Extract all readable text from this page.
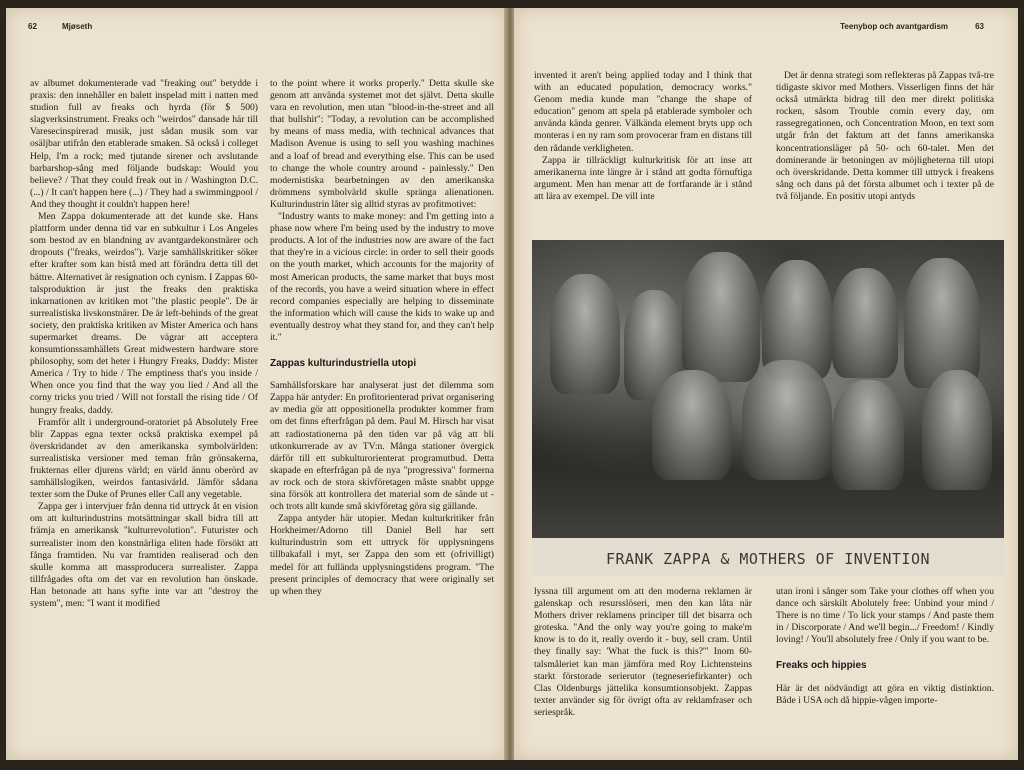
62	Mjøseth

av albumet dokumenterade vad "freaking out" betydde i praxis: den innehåller en balett inspelad mitt i natten med studion full av freaks och hyrda (för $ 500) slagverksinstrument. Freaks och "weirdos" dansade här till Varesecinspirerad musik, just sådan musik som var osäljbar utifrån den etablerade smaken. Så också i colleget Help, I'm a rock; med tjutande sirener och avslutande barbarshop-sång med följande budskap: Would you believe? / That they could freak out in / Washington D.C. (...) / It can't happen here (...) / They had a swimmingpool / And they thought it couldn't happen here!

Men Zappa dokumenterade att det kunde ske. Hans plattform under denna tid var en subkultur i Los Angeles som bestod av en blandning av avantgardekonstnärer och dropouts ("freaks, weirdos"). Varje samhällskritiker söker efter krafter som kan bistå med att förändra detta till det bättre. Alternativet är resignation och cynism. I Zappas 60-talsproduktion är just the freaks den praktiska inkarnationen av kritiken mot "the plastic people". De är surrealistiska livskonstnärer. De är left-behinds of the great society, den praktiska kritiken av Mister America och hans supermarket dreams. De vägrar att acceptera konsumtionssamhällets Great midwestern hardware store philosophy, som det heter i Hungry Freaks, Daddy: Mister America / Try to hide / The emptiness that's you inside / When once you find that the way you lied / And all the corny tricks you tried / Will not forstall the rising tide / Of hungry freaks, daddy.

Framför allt i underground-oratoriet på Absolutely Free blir Zappas egna texter också praktiska exempel på överskridandet av den amerikanska symbolvärlden: surrealistiska versioner med teman från grönsakerna, frukternas eller djurens värld; en värld ännu oberörd av samhällslogiken, weirdos fantasivärld. Jämför sådana texter som the Duke of Prunes eller Call any vegetable.

Zappa ger i intervjuer från denna tid uttryck åt en vision om att kulturindustrins motsättningar skall bidra till att främja en amerikansk "kulturrevolution". Futurister och surrealister inom den konstnärliga eliten hade försökt att fånga framtiden. Nu var framtiden realiserad och den skulle komma att massproducera surrealister. Zappa tillfrågades ofta om det var en revolution han önskade. Han betonade att hans syfte inte var att "destroy the system", men: "I want it modified

to the point where it works properly." Detta skulle ske genom att använda systemet mot det självt. Detta skulle vara en revolution, men utan "blood-in-the-street and all that bullshit": "Today, a revolution can be accomplished by means of mass media, with technical advances that Madison Avenue is using to sell you washing machines and a loaf of bread and everything else. This can be used to change the whole country around - painlessly." Den modernistiska bearbetningen av den amerikanska drömmens symbolvärld skulle spränga alienationen. Kulturindustrin låter sig alltid styras av profitmotivet:

"Industry wants to make money: and I'm getting into a phase now where I'm being used by the industry to move products. A lot of the industries now are aware of the fact that they're in a vicious circle: in order to sell their goods on the youth market, which accounts for the majority of most American products, the same market that buys most of the records, you have a weird situation where in effect record companies especially are helping to disseminate the information which will cause the kids to wake up and eventually destroy what they stand for, and they can't help it."

Zappas kulturindustriella utopi

Samhällsforskare har analyserat just det dilemma som Zappa här antyder: En profitorienterad privat organisering av media gör att oppositionella produkter kommer fram om det finns efterfrågan på dem. Paul M. Hirsch har visat att radiostationerna på den tiden var på väg att bli utkonkurrerade av av TV:n. Många stationer övergick därför till ett subkulturorienterat programutbud. Detta skapade en efterfrågan på de nya "progressiva" formerna av rock och de stora skivföretagen måste snabbt uppge sina försök att kontrollera det material som de sände ut - och trots allt kunde små skivföretag göra sig gällande.

Zappa antyder här utopier. Medan kulturkritiker från Horkheimer/Adorno till Daniel Bell har sett kulturindustrin som ett uttryck för upplysningens tillbakafall i myt, ser Zappa den som ett (ofrivilligt) medel för att fullända upplysningstidens program. "The present principles of democracy that were originally set up when they

Teenybop och avantgardism	63

invented it aren't being applied today and I think that with an educated population, democracy works." Genom media kunde man "change the shape of education" genom att spela på etablerade symboler och använda kända genrer. Välkända element bryts upp och monteras i en ny ram som provocerar fram en distans till den rådande verkligheten.

Zappa är tillräckligt kulturkritisk för att inse att amerikanerna inte längre är i stånd att godta förnuftiga argument. Men han menar att de fortfarande är i stånd att lära av exempel. De vill inte

Det är denna strategi som reflekteras på Zappas två-tre tidigaste skivor med Mothers. Visserligen finns det här också utmärkta bidrag till den mer direkt politiska rocken, såsom Trouble comin every day, om rassegregationen, och Concentration Moon, en text som utgår från det faktum att det fanns amerikanska koncentrationsläger på 50- och 60-talet. Men det dominerande är betoningen av möjligheterna till utopi och överskridande. Detta kommer till uttryck i freakens sång och dans på det första albumet och i texter på de två följande. En positiv utopi antyds

FRANK ZAPPA & MOTHERS OF INVENTION

lyssna till argument om att den moderna reklamen är galenskap och resursslöseri, men den kan låta när Mothers driver reklamens principer till det bisarra och groteska. "And the only way you're going to make'm know is to do it, really overdo it - buy, sell cram. Until they finally say: 'What the fuck is this?'" Inom 60-talsmåleriet kan man jämföra med Roy Lichtensteins starkt förstorade serierutor (tegneseriefirkanter) och Clas Oldenburgs jättelika konsumtionsobjekt. Zappas texter använder sig för övrigt ofta av reklamfraser och seriespråk.

utan ironi i sånger som Take your clothes off when you dance och särskilt Abolutely free: Unbind your mind / There is no time / To lick your stamps / And paste them in / Discorporate / And we'll begin.../ Freedom! / Kindly loving! / You'll absolutely free / Only if you want to be.

Freaks och hippies

Här är det nödvändigt att göra en viktig distinktion. Både i USA och då hippie-vågen importe-
